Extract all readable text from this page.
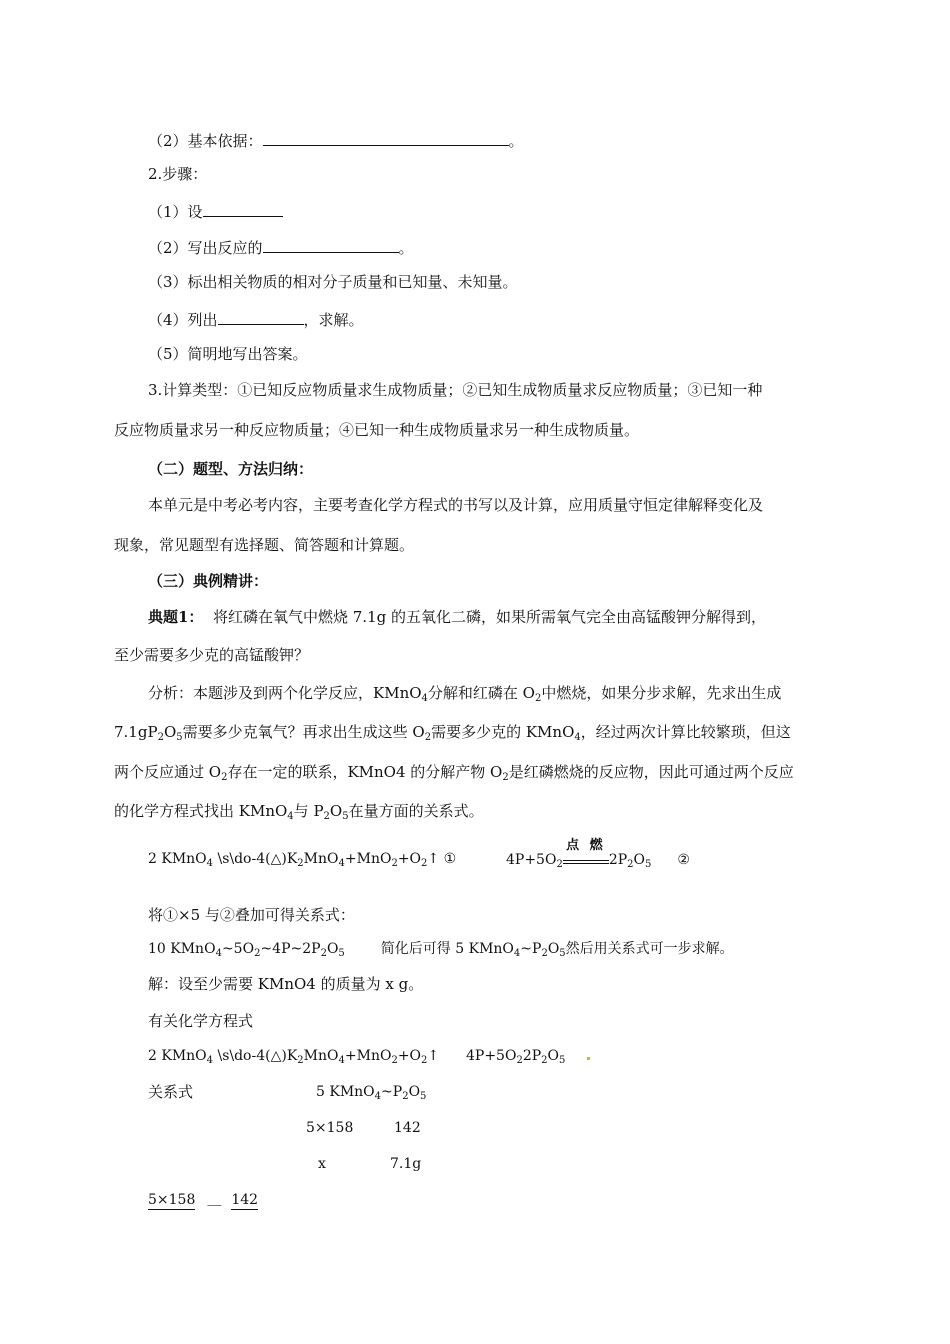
（2）基本依据：	。
2.步骤：
（1）设
（2）写出反应的	。
（3）标出相关物质的相对分子质量和已知量、未知量。
（4）列出	，求解。
（5）简明地写出答案。
3.计算类型：①已知反应物质量求生成物质量；②已知生成物质量求反应物质量；③已知一种
反应物质量求另一种反应物质量；④已知一种生成物质量求另一种生成物质量。
（二）题型、方法归纳：
本单元是中考必考内容，主要考查化学方程式的书写以及计算，应用质量守恒定律解释变化及
现象，常见题型有选择题、简答题和计算题。
（三）典例精讲：
典题1： 将红磷在氧气中燃烧 7.1g 的五氧化二磷，如果所需氧气完全由高锰酸钾分解得到，
至少需要多少克的高锰酸钾？
分析：本题涉及到两个化学反应，KMnO$_4$分解和红磷在 $O_2$中燃烧，如果分步求解，先求出生成
$7.1gP_2O_5$需要多少克氧气？再求出生成这些 $O_2$需要多少克的 KMnO$_4$，经过两次计算比较繁琐，但这
两个反应通过 $O_2$存在一定的联系，KMnO4 的分解产物 $O_2$是红磷燃烧的反应物，因此可通过两个反应
的化学方程式找出 KMnO$_4$与 $P_2O_5$在量方面的关系式。
2 KMnO$_4$ $\backslash s\backslash do-4(\triangle)K_2MnO_4+MnO_2+O_2↑$ ①	$4P+5O_2$
点 燃
$2P_2O_5$ ②
将①×5 与②叠加可得关系式：
10 $KMnO_4\sim 5O_2\sim 4P\sim 2P_2O_5$	简化后可得 5 $KMnO_4\sim P_2O_5$然后用关系式可一步求解。
解：设至少需要 KMnO4 的质量为 x g。
有关化学方程式
2 KMnO$_4$ $\backslash s\backslash do-4(\triangle)K_2MnO_4+MnO_2+O_2↑$ $4P+5O_22P_2O_5$
关系式	5 $KMnO_4\sim P_2O_5$
5×158	142
x	7.1g
5×158 ＿ 142
